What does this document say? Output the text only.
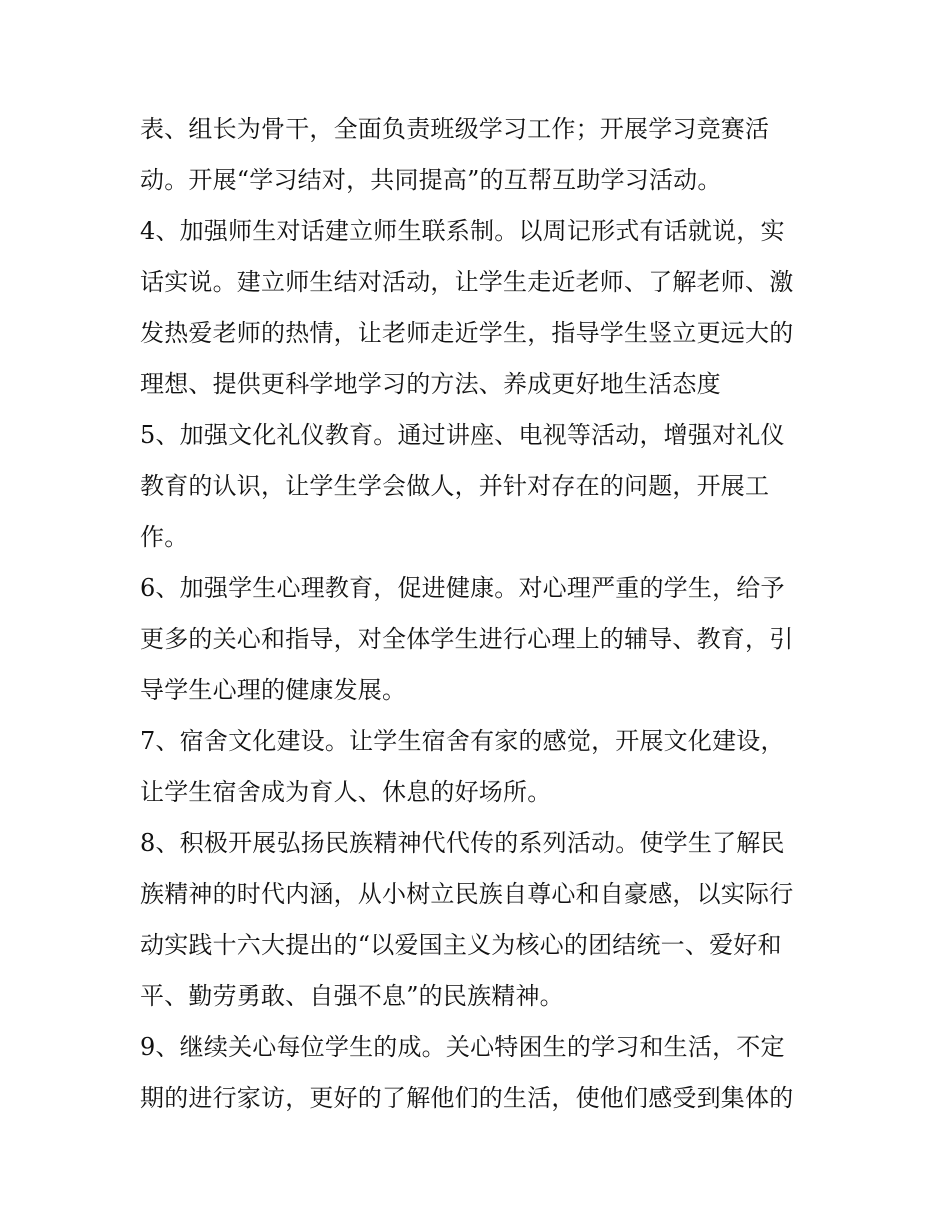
表、组长为骨干，全面负责班级学习工作；开展学习竞赛活
动。开展“学习结对，共同提高”的互帮互助学习活动。
4、加强师生对话建立师生联系制。以周记形式有话就说，实
话实说。建立师生结对活动，让学生走近老师、了解老师、激
发热爱老师的热情，让老师走近学生，指导学生竖立更远大的
理想、提供更科学地学习的方法、养成更好地生活态度
5、加强文化礼仪教育。通过讲座、电视等活动，增强对礼仪
教育的认识，让学生学会做人，并针对存在的问题，开展工
作。
6、加强学生心理教育，促进健康。对心理严重的学生，给予
更多的关心和指导，对全体学生进行心理上的辅导、教育，引
导学生心理的健康发展。
7、宿舍文化建设。让学生宿舍有家的感觉，开展文化建设，
让学生宿舍成为育人、休息的好场所。
8、积极开展弘扬民族精神代代传的系列活动。使学生了解民
族精神的时代内涵，从小树立民族自尊心和自豪感，以实际行
动实践十六大提出的“以爱国主义为核心的团结统一、爱好和
平、勤劳勇敢、自强不息”的民族精神。
9、继续关心每位学生的成。关心特困生的学习和生活，不定
期的进行家访，更好的了解他们的生活，使他们感受到集体的
